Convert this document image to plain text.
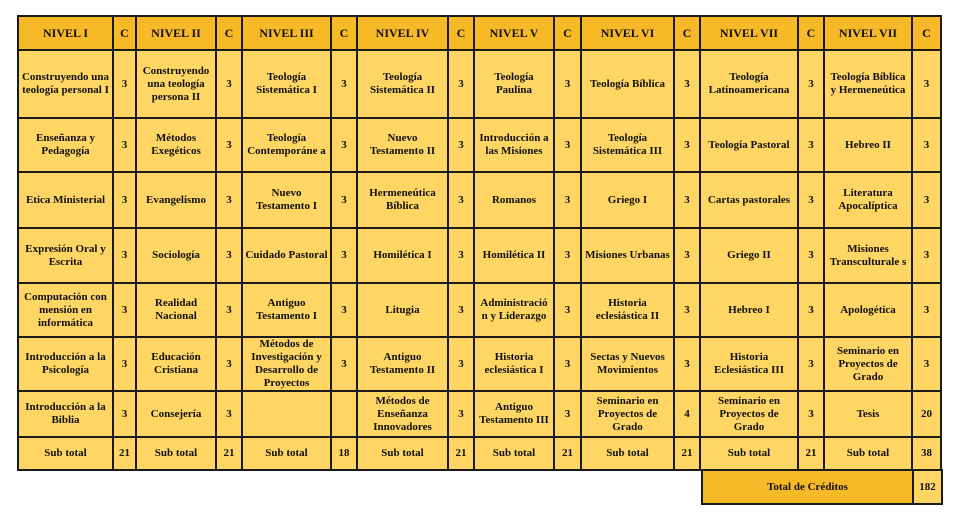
NIVEL I	C	NIVEL II	C	NIVEL III	C	NIVEL IV	C	NIVEL V	C	NIVEL VI	C	NIVEL VII	C	NIVEL VII	C
Construyendo una teología personal I	3	Construyendo una teología persona II	3	Teología Sistemática I	3	Teología Sistemática II	3	Teología Paulina	3	Teología Bíblica	3	Teología Latinoamericana	3	Teología Bíblica y Hermeneútica	3
Enseñanza y Pedagogía	3	Métodos Exegéticos	3	Teología Contemporáne a	3	Nuevo Testamento II	3	Introducción a las Misiones	3	Teología Sistemática III	3	Teología Pastoral	3	Hebreo II	3
Etica Ministerial	3	Evangelismo	3	Nuevo Testamento I	3	Hermeneútica Bíblica	3	Romanos	3	Griego I	3	Cartas pastorales	3	Literatura Apocalíptica	3
Expresión Oral y Escrita	3	Sociología	3	Cuidado Pastoral	3	Homilética I	3	Homilética II	3	Misiones Urbanas	3	Griego II	3	Misiones Transculturale s	3
Computación con mensión en informática	3	Realidad Nacional	3	Antiguo Testamento I	3	Litugia	3	Administració n y Liderazgo	3	Historia eclesiástica II	3	Hebreo I	3	Apologética	3
Introducción a la Psicología	3	Educación Cristiana	3	Métodos de Investigación y Desarrollo de Proyectos	3	Antiguo Testamento II	3	Historia eclesiástica I	3	Sectas y Nuevos Movimientos	3	Historia Eclesiástica III	3	Seminario en Proyectos de Grado	3
Introducción a la Biblia	3	Consejería	3			Métodos de Enseñanza Innovadores	3	Antiguo Testamento III	3	Seminario en Proyectos de Grado	4	Seminario en Proyectos de Grado	3	Tesis	20
Sub total	21	Sub total	21	Sub total	18	Sub total	21	Sub total	21	Sub total	21	Sub total	21	Sub total	38
Total de Créditos	182
